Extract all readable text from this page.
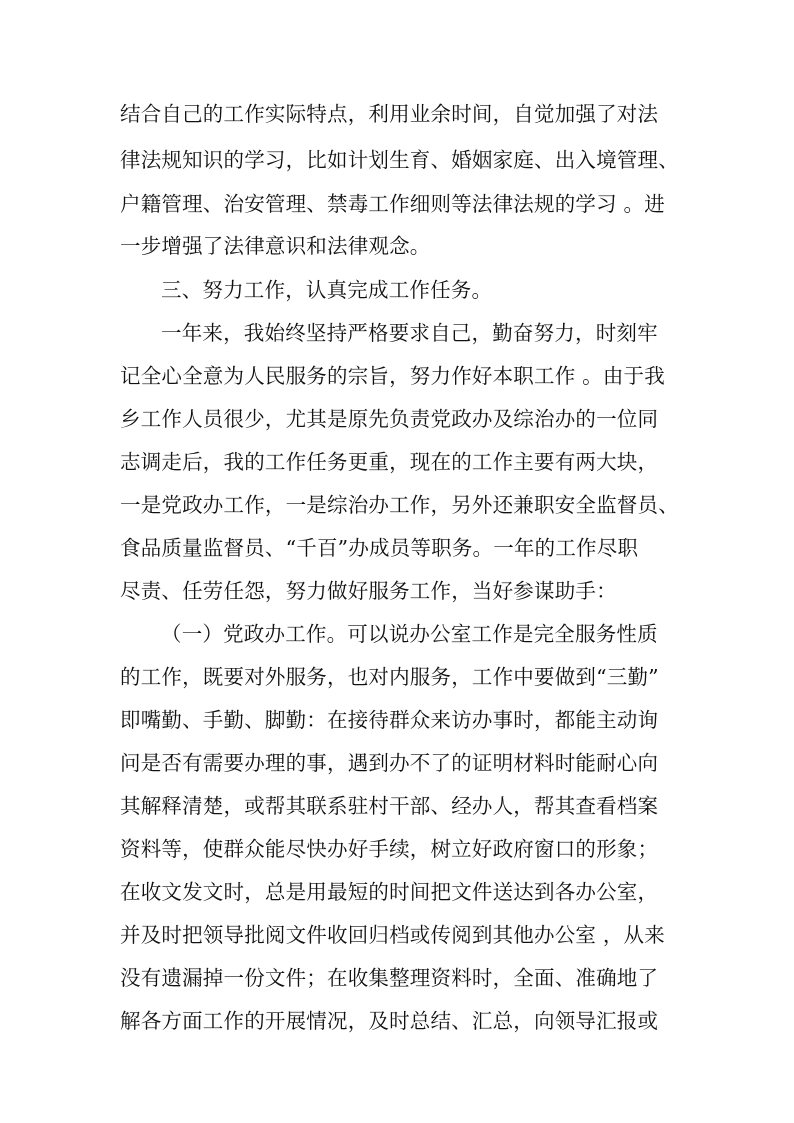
结合自己的工作实际特点，利用业余时间，自觉加强了对法
律法规知识的学习，比如计划生育、婚姻家庭、出入境管理、
户籍管理、治安管理、禁毒工作细则等法律法规的学习 。进
一步增强了法律意识和法律观念。
三、努力工作，认真完成工作任务。
一年来，我始终坚持严格要求自己，勤奋努力，时刻牢
记全心全意为人民服务的宗旨，努力作好本职工作 。由于我
乡工作人员很少，尤其是原先负责党政办及综治办的一位同
志调走后，我的工作任务更重，现在的工作主要有两大块，
一是党政办工作，一是综治办工作，另外还兼职安全监督员、
食品质量监督员、“千百”办成员等职务。一年的工作尽职
尽责、任劳任怨，努力做好服务工作，当好参谋助手：
（一）党政办工作。可以说办公室工作是完全服务性质
的工作，既要对外服务，也对内服务，工作中要做到“三勤”
即嘴勤、手勤、脚勤：在接待群众来访办事时，都能主动询
问是否有需要办理的事，遇到办不了的证明材料时能耐心向
其解释清楚，或帮其联系驻村干部、经办人，帮其查看档案
资料等，使群众能尽快办好手续，树立好政府窗口的形象；
在收文发文时，总是用最短的时间把文件送达到各办公室，
并及时把领导批阅文件收回归档或传阅到其他办公室 ，从来
没有遗漏掉一份文件；在收集整理资料时，全面、准确地了
解各方面工作的开展情况，及时总结、汇总，向领导汇报或
